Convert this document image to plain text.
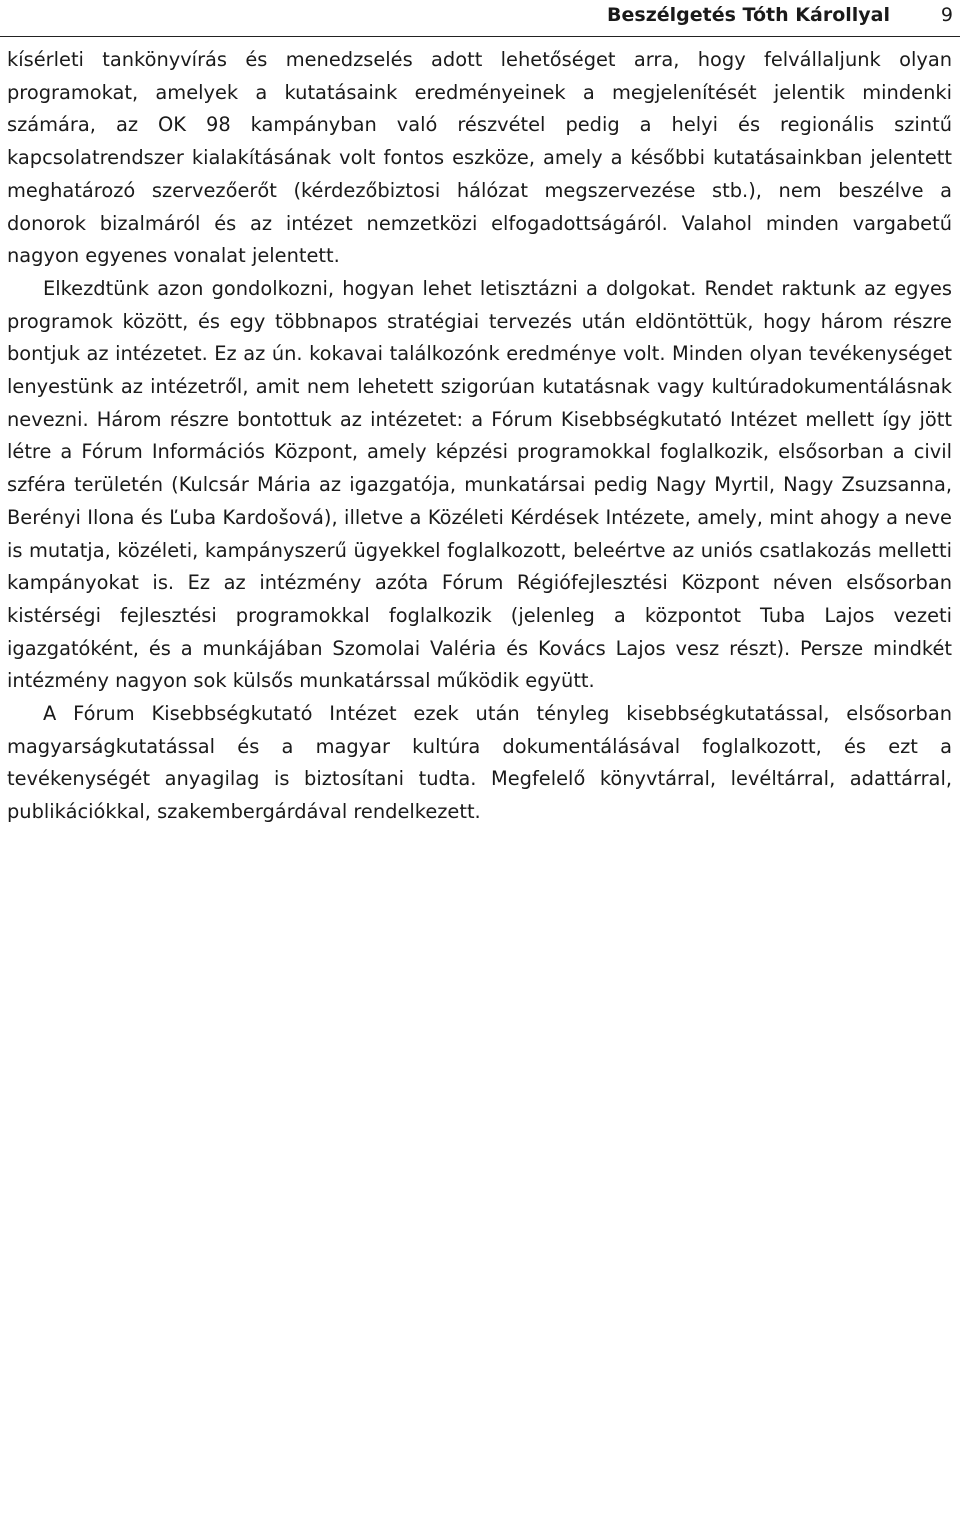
Beszélgetés Tóth Károllyal	9

kísérleti tankönyvírás és menedzselés adott lehetőséget arra, hogy felvállaljunk olyan programokat, amelyek a kutatásaink eredményeinek a megjelenítését jelentik mindenki számára, az OK 98 kampányban való részvétel pedig a helyi és regionális szintű kapcsolatrendszer kialakításának volt fontos eszköze, amely a későbbi kutatásainkban jelentett meghatározó szervezőerőt (kérdezőbiztosi hálózat megszervezése stb.), nem beszélve a donorok bizalmáról és az intézet nemzetközi elfogadottságáról. Valahol minden vargabetű nagyon egyenes vonalat jelentett.

Elkezdtünk azon gondolkozni, hogyan lehet letisztázni a dolgokat. Rendet raktunk az egyes programok között, és egy többnapos stratégiai tervezés után eldöntöttük, hogy három részre bontjuk az intézetet. Ez az ún. kokavai találkozónk eredménye volt. Minden olyan tevékenységet lenyestünk az intézetről, amit nem lehetett szigorúan kutatásnak vagy kultúradokumentálásnak nevezni. Három részre bontottuk az intézetet: a Fórum Kisebbségkutató Intézet mellett így jött létre a Fórum Információs Központ, amely képzési programokkal foglalkozik, elsősorban a civil szféra területén (Kulcsár Mária az igazgatója, munkatársai pedig Nagy Myrtil, Nagy Zsuzsanna, Berényi Ilona és Ľuba Kardošová), illetve a Közéleti Kérdések Intézete, amely, mint ahogy a neve is mutatja, közéleti, kampányszerű ügyekkel foglalkozott, beleértve az uniós csatlakozás melletti kampányokat is. Ez az intézmény azóta Fórum Régiófejlesztési Központ néven elsősorban kistérségi fejlesztési programokkal foglalkozik (jelenleg a központot Tuba Lajos vezeti igazgatóként, és a munkájában Szomolai Valéria és Kovács Lajos vesz részt). Persze mindkét intézmény nagyon sok külsős munkatárssal működik együtt.

A Fórum Kisebbségkutató Intézet ezek után tényleg kisebbségkutatással, elsősorban magyarságkutatással és a magyar kultúra dokumentálásával foglalkozott, és ezt a tevékenységét anyagilag is biztosítani tudta. Megfelelő könyvtárral, levéltárral, adattárral, publikációkkal, szakembergárdával rendelkezett.
